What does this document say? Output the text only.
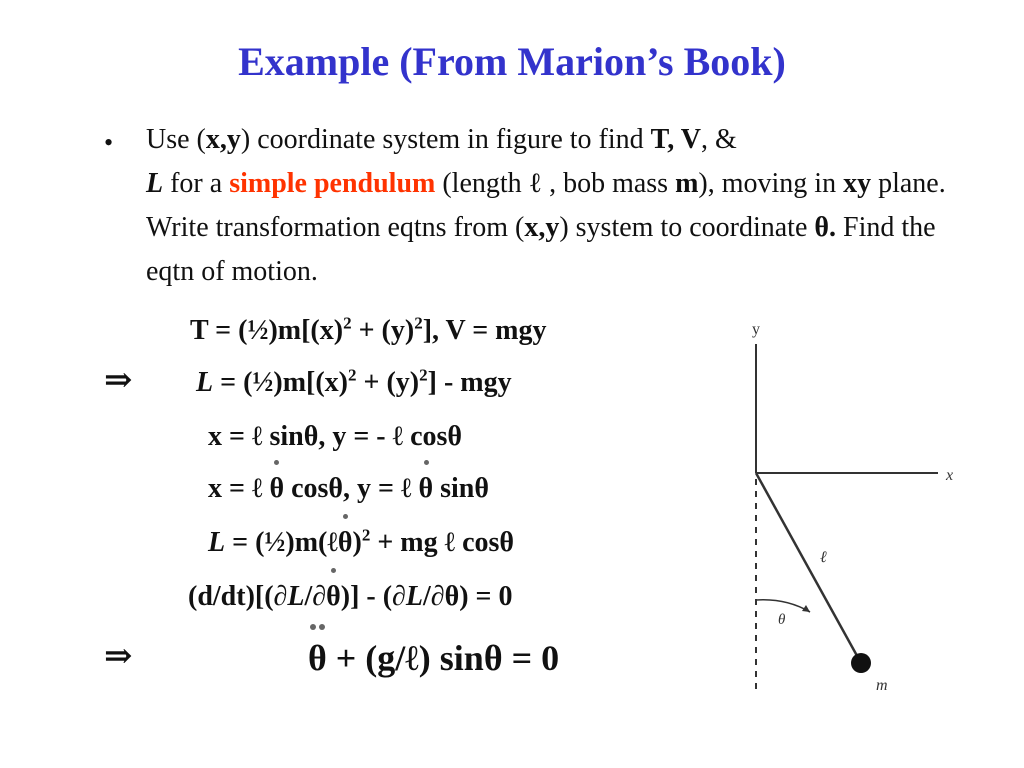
Example (From Marion’s Book)
• Use (x,y) coordinate system in figure to find T, V, &
L for a simple pendulum (length ℓ , bob mass m), moving in xy plane. Write transformation eqtns from (x,y) system to coordinate θ. Find the eqtn of motion.
$T = (\frac{1}{2})m[(x)^2 + (y)^2]$, V = mgy
⇒ $L = (\frac{1}{2})m[(x)^2 + (y)^2]$ - mgy
x = ℓ sinθ, y = - ℓ cosθ
x = ℓ
θ cosθ, y = ℓ
θ sinθ
L = (½)m(ℓ
θ)$^2$ + mg ℓ cosθ
(d/dt)[(∂L/∂
θ)] - (∂L/∂θ) = 0
⇒	θ + (g/ℓ) sinθ = 0
y
x
ℓ
θ
m
